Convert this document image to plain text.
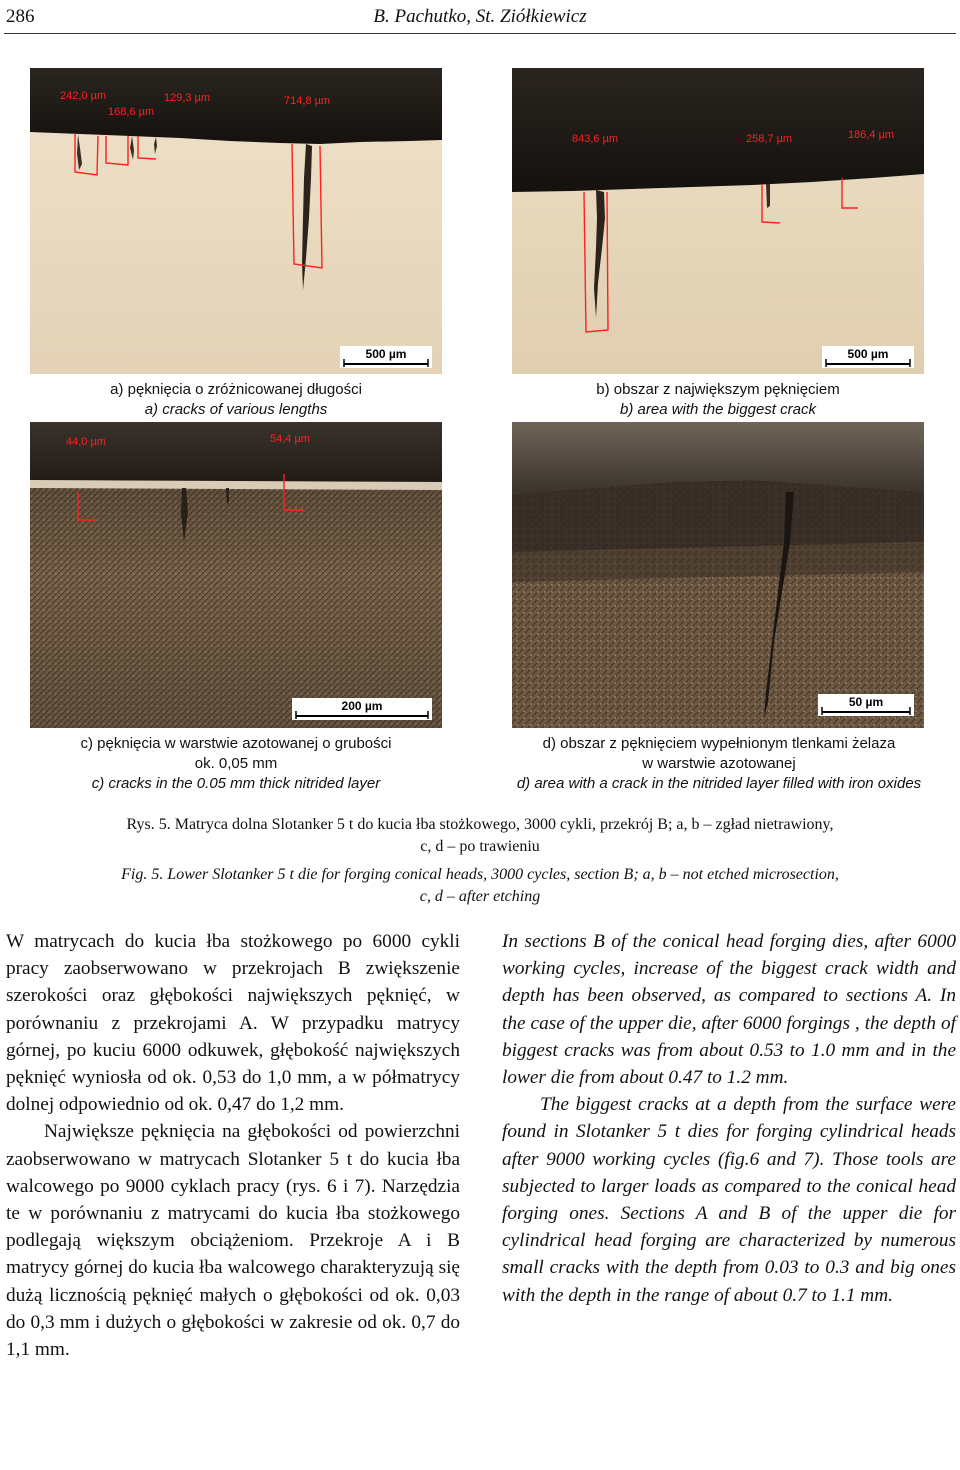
286	B. Pachutko, St. Ziółkiewicz
242,0 µm
168,6 µm
129,3 µm	714,8 µm
500 µm
a) pęknięcia o zróżnicowanej długości
a) cracks of various lengths
843,6 µm	258,7 µm	186,4 µm
500 µm
b) obszar z największym pęknięciem
b) area with the biggest crack
44,0 µm	54,4 µm
200 µm
c) pęknięcia w warstwie azotowanej o grubości
ok. 0,05 mm
c) cracks in the 0.05 mm thick nitrided layer
50 µm
d) obszar z pęknięciem wypełnionym tlenkami żelaza
w warstwie azotowanej
d) area with a crack in the nitrided layer filled with iron oxides
Rys. 5. Matryca dolna Slotanker 5 t do kucia łba stożkowego, 3000 cykli, przekrój B; a, b – zgład nietrawiony,
c, d – po trawieniu
Fig. 5. Lower Slotanker 5 t die for forging conical heads, 3000 cycles, section B; a, b – not etched microsection,
c, d – after etching

W matrycach do kucia łba stożkowego po 6000 cykli pracy zaobserwowano w przekrojach B zwiększenie szerokości oraz głębokości największych pęknięć, w porównaniu z przekrojami A. W przypadku matrycy górnej, po kuciu 6000 odkuwek, głębokość największych pęknięć wyniosła od ok. 0,53 do 1,0 mm, a w półmatrycy dolnej odpowiednio od ok. 0,47 do 1,2 mm.

Największe pęknięcia na głębokości od powierzchni zaobserwowano w matrycach Slotanker 5 t do kucia łba walcowego po 9000 cyklach pracy (rys. 6 i 7). Narzędzia te w porównaniu z matrycami do kucia łba stożkowego podlegają większym obciążeniom. Przekroje A i B matrycy górnej do kucia łba walcowego charakteryzują się dużą licznością pęknięć małych o głębokości od ok. 0,03 do 0,3 mm i dużych o głębokości w zakresie od ok. 0,7 do 1,1 mm.

In sections B of the conical head forging dies, after 6000 working cycles, increase of the biggest crack width and depth has been observed, as compared to sections A. In the case of the upper die, after 6000 forgings , the depth of biggest cracks was from about 0.53 to 1.0 mm and in the lower die from about 0.47 to 1.2 mm.

The biggest cracks at a depth from the surface were found in Slotanker 5 t dies for forging cylindrical heads after 9000 working cycles (fig.6 and 7). Those tools are subjected to larger loads as compared to the conical head forging ones. Sections A and B of the upper die for cylindrical head forging are characterized by numerous small cracks with the depth from 0.03 to 0.3 and big ones with the depth in the range of about 0.7 to 1.1 mm.
